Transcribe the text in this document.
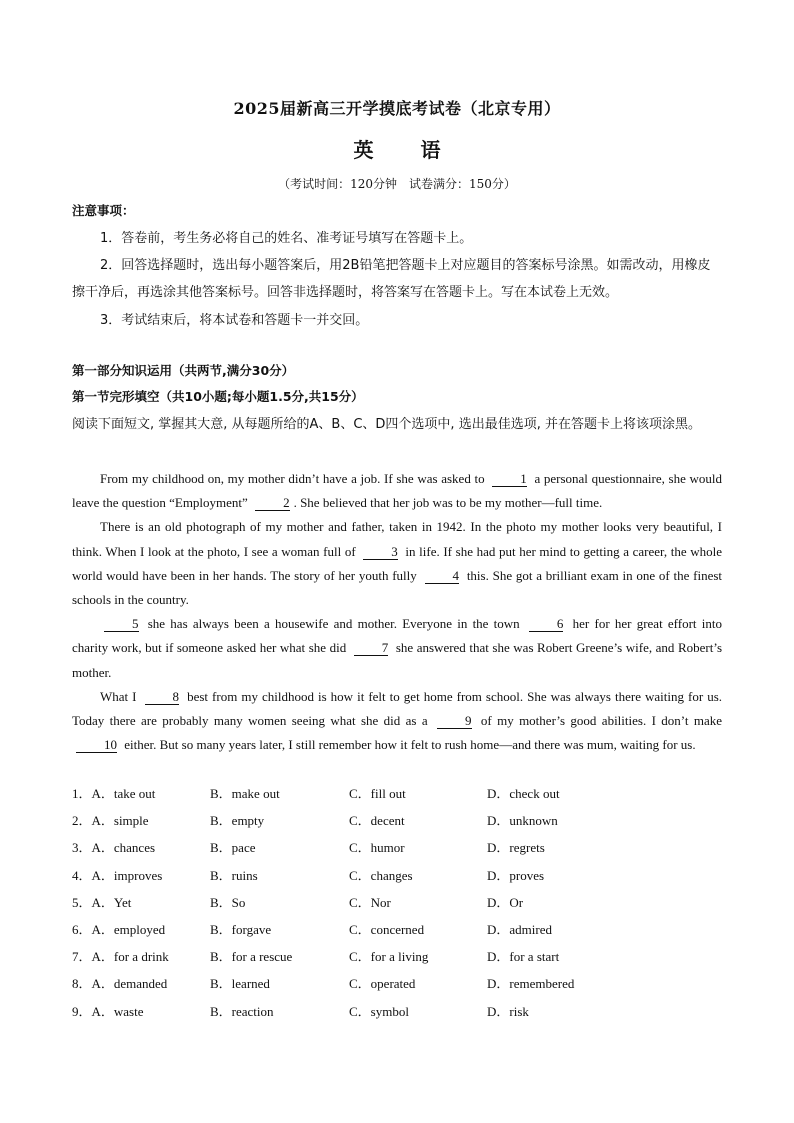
2025届新高三开学摸底考试卷（北京专用）
英 语
（考试时间：120分钟　试卷满分：150分）
注意事项：
1．答卷前，考生务必将自己的姓名、准考证号填写在答题卡上。
2．回答选择题时，选出每小题答案后，用2B铅笔把答题卡上对应题目的答案标号涂黑。如需改动，用橡皮擦干净后，再选涂其他答案标号。回答非选择题时，将答案写在答题卡上。写在本试卷上无效。
3．考试结束后，将本试卷和答题卡一并交回。
第一部分知识运用（共两节,满分30分）
第一节完形填空（共10小题;每小题1.5分,共15分）
阅读下面短文, 掌握其大意, 从每题所给的A、B、C、D四个选项中, 选出最佳选项, 并在答题卡上将该项涂黑。

From my childhood on, my mother didn’t have a job. If she was asked to	1 a personal questionnaire, she would leave the question “Employment”	2 . She believed that her job was to be my mother—full time.

There is an old photograph of my mother and father, taken in 1942. In the photo my mother looks very beautiful, I think. When I look at the photo, I see a woman full of	3 in life. If she had put her mind to getting a career, the whole world would have been in her hands. The story of her youth fully	4 this. She got a brilliant exam in one of the finest schools in the country.

5 she has always been a housewife and mother. Everyone in the town	6 her for her great effort into charity work, but if someone asked her what she did	7 she answered that she was Robert Greene’s wife, and Robert’s mother.

What I	8 best from my childhood is how it felt to get home from school. She was always there waiting for us. Today there are probably many women seeing what she did as a	9 of my mother’s good abilities. I don’t make 10 either. But so many years later, I still remember how it felt to rush home—and there was mum, waiting for us.

1．A．take out	B．make out	C．fill out	D．check out
2．A．simple	B．empty	C．decent	D．unknown
3．A．chances	B．pace	C．humor	D．regrets
4．A．improves	B．ruins	C．changes	D．proves
5．A．Yet	B．So	C．Nor	D．Or
6．A．employed	B．forgave	C．concerned	D．admired
7．A．for a drink	B．for a rescue	C．for a living	D．for a start
8．A．demanded	B．learned	C．operated	D．remembered
9．A．waste	B．reaction	C．symbol	D．risk
